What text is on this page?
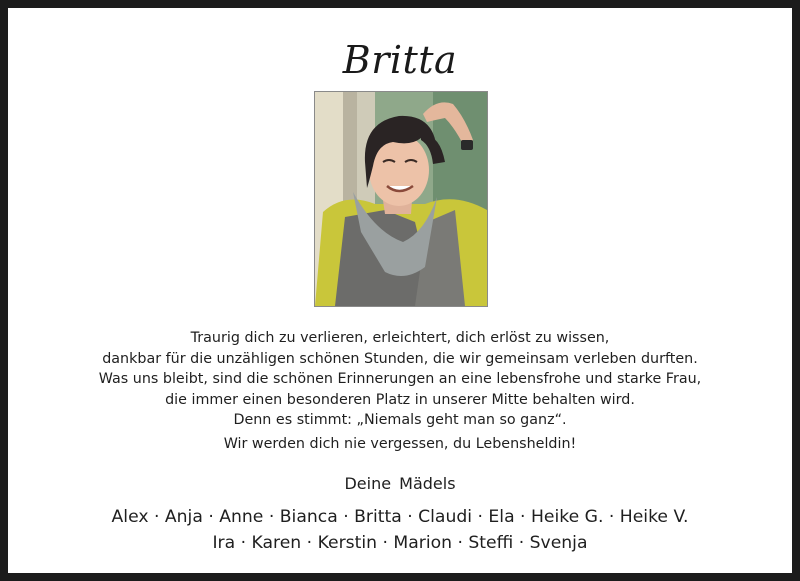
Britta
Traurig dich zu verlieren, erleichtert, dich erlöst zu wissen,
dankbar für die unzähligen schönen Stunden, die wir gemeinsam verleben durften.
Was uns bleibt, sind die schönen Erinnerungen an eine lebensfrohe und starke Frau,
die immer einen besonderen Platz in unserer Mitte behalten wird.
Denn es stimmt: „Niemals geht man so ganz“.
Wir werden dich nie vergessen, du Lebensheldin!
Deine Mädels
Alex · Anja · Anne · Bianca · Britta · Claudi · Ela · Heike G. · Heike V.
Ira · Karen · Kerstin · Marion · Steffi · Svenja
